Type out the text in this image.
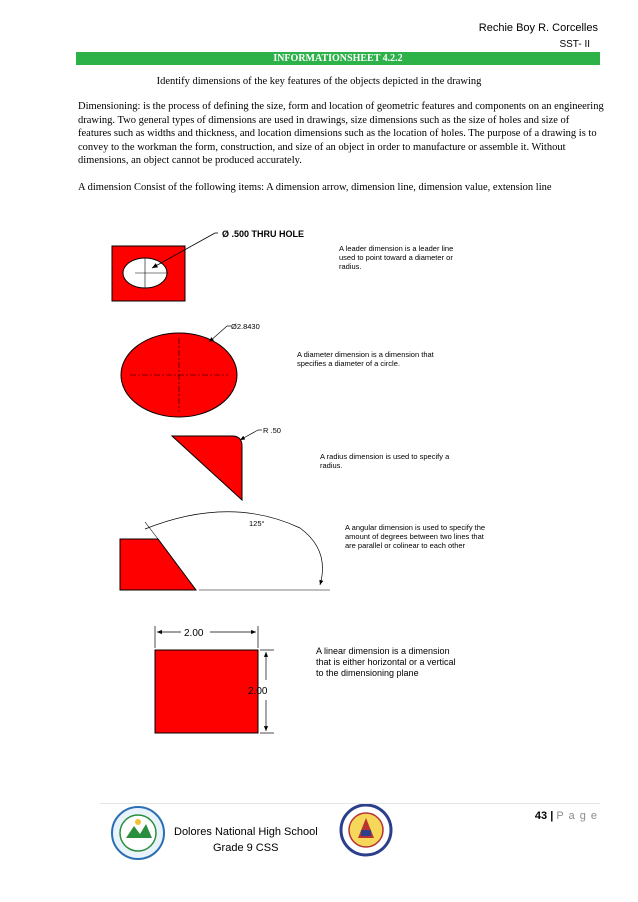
Rechie Boy R. Corcelles
SST- II
INFORMATIONSHEET 4.2.2
Identify dimensions of the key features of the objects depicted in the drawing
Dimensioning: is the process of defining the size, form and location of geometric features and components on an engineering drawing. Two general types of dimensions are used in drawings, size dimensions such as the size of holes and size of features such as widths and thickness, and location dimensions such as the location of holes. The purpose of a drawing is to convey to the workman the form, construction, and size of an object in order to manufacture or assemble it. Without dimensions, an object cannot be produced accurately.
A dimension Consist of the following items: A dimension arrow, dimension line, dimension value, extension line
Ø .500 THRU HOLE
A leader dimension is a leader line
used to point toward a diameter or
radius.
Ø2.8430
A diameter dimension is a dimension that
specifies a diameter of a circle.
R .50
A radius dimension is used to specify a
radius.
125°	A angular dimension is used to specify the
amount of degrees between two lines that
are parallel or colinear to each other
2.00
2.00
A linear dimension is a dimension
that is either horizontal or a vertical
to the dimensioning plane
43 | P a g e
Dolores National High School
Grade 9 CSS
